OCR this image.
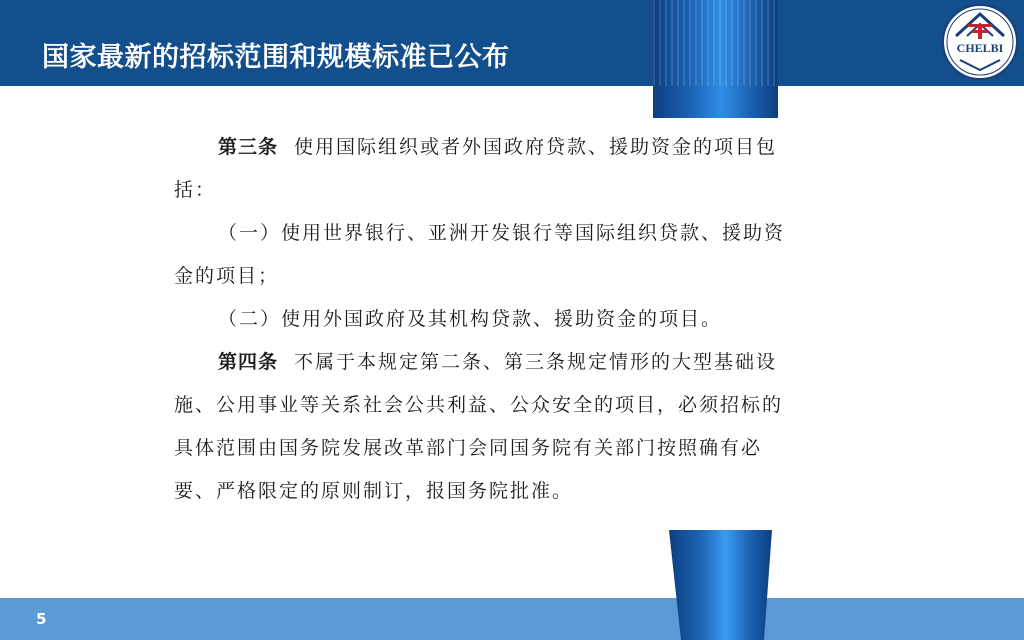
国家最新的招标范围和规模标准已公布	CHELBI

第三条 使用国际组织或者外国政府贷款、援助资金的项目包

括：

（一）使用世界银行、亚洲开发银行等国际组织贷款、援助资

金的项目；

（二）使用外国政府及其机构贷款、援助资金的项目。

第四条 不属于本规定第二条、第三条规定情形的大型基础设

施、公用事业等关系社会公共利益、公众安全的项目，必须招标的

具体范围由国务院发展改革部门会同国务院有关部门按照确有必

要、严格限定的原则制订，报国务院批准。

5
